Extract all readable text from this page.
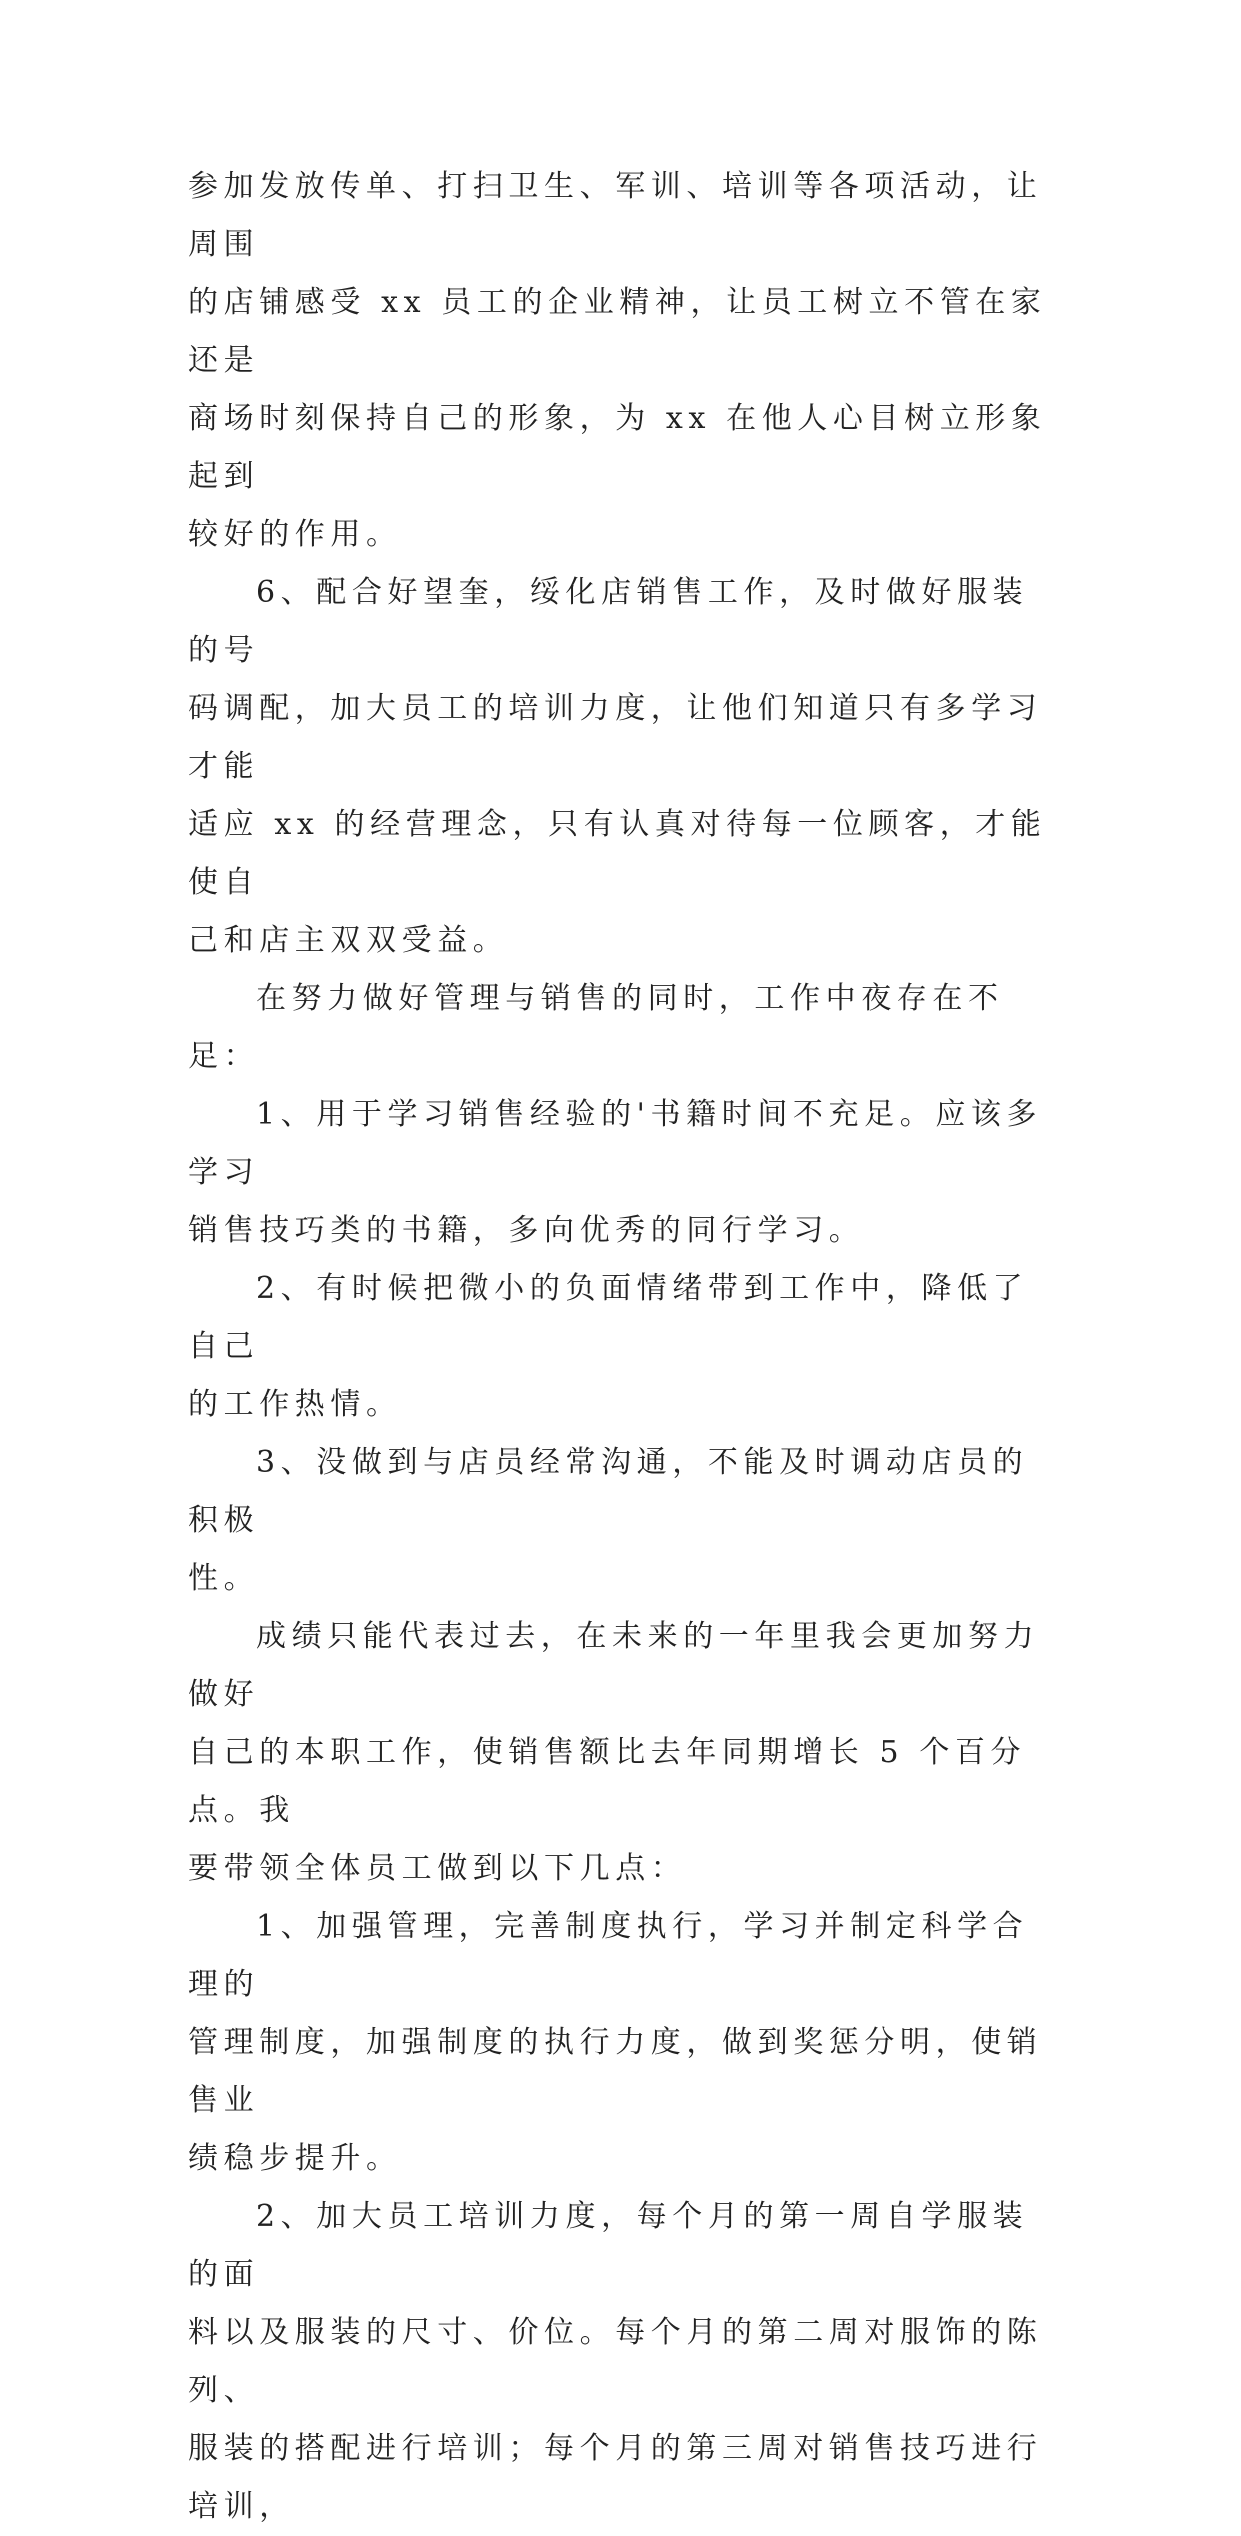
参加发放传单、打扫卫生、军训、培训等各项活动，让周围
的店铺感受 xx 员工的企业精神，让员工树立不管在家还是
商场时刻保持自己的形象，为 xx 在他人心目树立形象起到
较好的作用。

6、配合好望奎，绥化店销售工作，及时做好服装的号
码调配，加大员工的培训力度，让他们知道只有多学习才能
适应 xx 的经营理念，只有认真对待每一位顾客，才能使自
己和店主双双受益。

在努力做好管理与销售的同时，工作中夜存在不足：

1、用于学习销售经验的'书籍时间不充足。应该多学习
销售技巧类的书籍，多向优秀的同行学习。

2、有时候把微小的负面情绪带到工作中，降低了自己
的工作热情。

3、没做到与店员经常沟通，不能及时调动店员的积极
性。

成绩只能代表过去，在未来的一年里我会更加努力做好
自己的本职工作，使销售额比去年同期增长 5 个百分点。我
要带领全体员工做到以下几点：

1、加强管理，完善制度执行，学习并制定科学合理的
管理制度，加强制度的执行力度，做到奖惩分明，使销售业
绩稳步提升。

2、加大员工培训力度，每个月的第一周自学服装的面
料以及服装的尺寸、价位。每个月的第二周对服饰的陈列、
服装的搭配进行培训；每个月的第三周对销售技巧进行培训，
